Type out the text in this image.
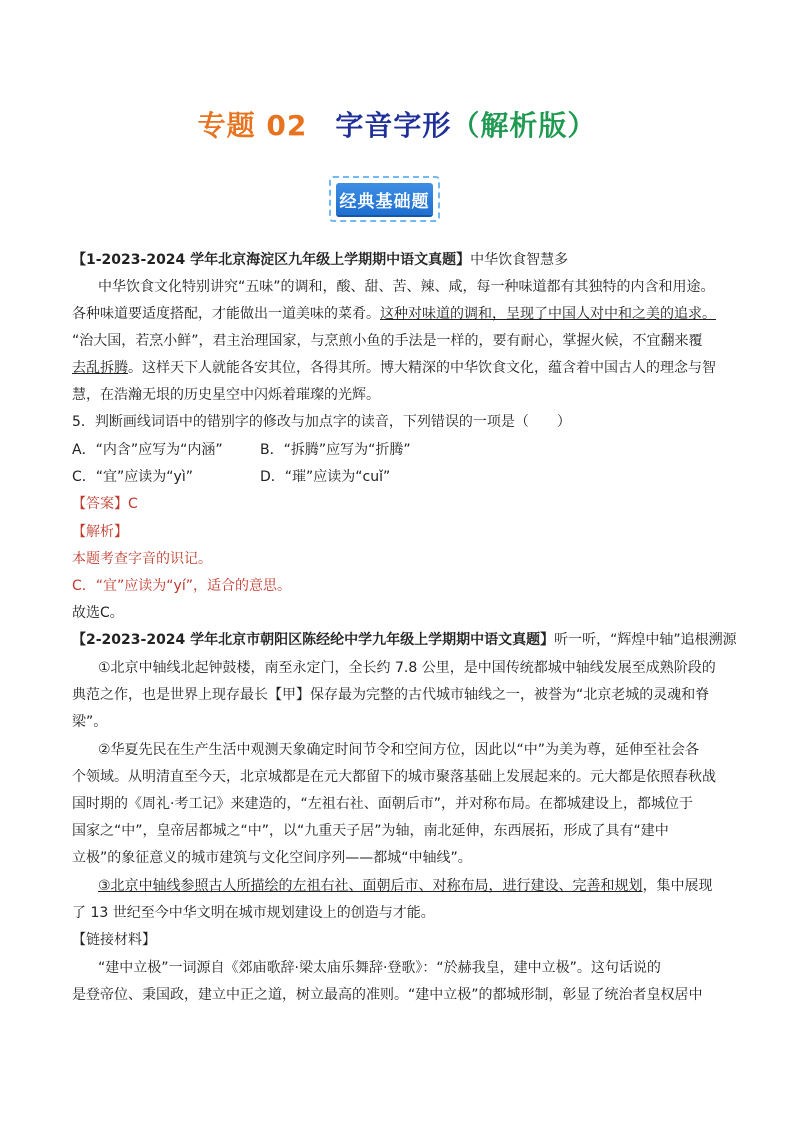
专题 02 字音字形（解析版）
经典基础题
【1-2023-2024 学年北京海淀区九年级上学期期中语文真题】中华饮食智慧多
中华饮食文化特别讲究“五味”的调和，酸、甜、苦、辣、咸，每一种味道都有其独特的内含和用途。
各种味道要适度搭配，才能做出一道美味的菜肴。这种对味道的调和，呈现了中国人对中和之美的追求。
“治大国，若烹小鲜”，君主治理国家，与烹煎小鱼的手法是一样的，要有耐心，掌握火候，不宜翻来覆
去乱拆腾。这样天下人就能各安其位，各得其所。博大精深的中华饮食文化，蕴含着中国古人的理念与智
慧，在浩瀚无垠的历史星空中闪烁着璀璨的光辉。
5．判断画线词语中的错别字的修改与加点字的读音，下列错误的一项是（　　）
A．“内含”应写为“内涵”	B．“拆腾”应写为“折腾”
C．“宜”应读为“yì”	D．“璀”应读为“cuǐ”
【答案】C
【解析】
本题考查字音的识记。
C．“宜”应读为“yí”，适合的意思。
故选C。
【2-2023-2024 学年北京市朝阳区陈经纶中学九年级上学期期中语文真题】听一听，“辉煌中轴”追根溯源
①北京中轴线北起钟鼓楼，南至永定门，全长约 7.8 公里，是中国传统都城中轴线发展至成熟阶段的
典范之作，也是世界上现存最长【甲】保存最为完整的古代城市轴线之一，被誉为“北京老城的灵魂和脊
梁”。
②华夏先民在生产生活中观测天象确定时间节令和空间方位，因此以“中”为美为尊，延伸至社会各
个领域。从明清直至今天，北京城都是在元大都留下的城市聚落基础上发展起来的。元大都是依照春秋战
国时期的《周礼·考工记》来建造的，“左祖右社、面朝后市”，并对称布局。在都城建设上，都城位于
国家之“中”，皇帝居都城之“中”，以“九重天子居”为轴，南北延伸，东西展拓，形成了具有“建中
立极”的象征意义的城市建筑与文化空间序列——都城“中轴线”。
③北京中轴线参照古人所描绘的左祖右社、面朝后市、对称布局，进行建设、完善和规划，集中展现
了 13 世纪至今中华文明在城市规划建设上的创造与才能。
【链接材料】
“建中立极”一词源自《郊庙歌辞·梁太庙乐舞辞·登歌》：“於赫我皇，建中立极”。这句话说的
是登帝位、秉国政，建立中正之道，树立最高的准则。“建中立极”的都城形制，彰显了统治者皇权居中
